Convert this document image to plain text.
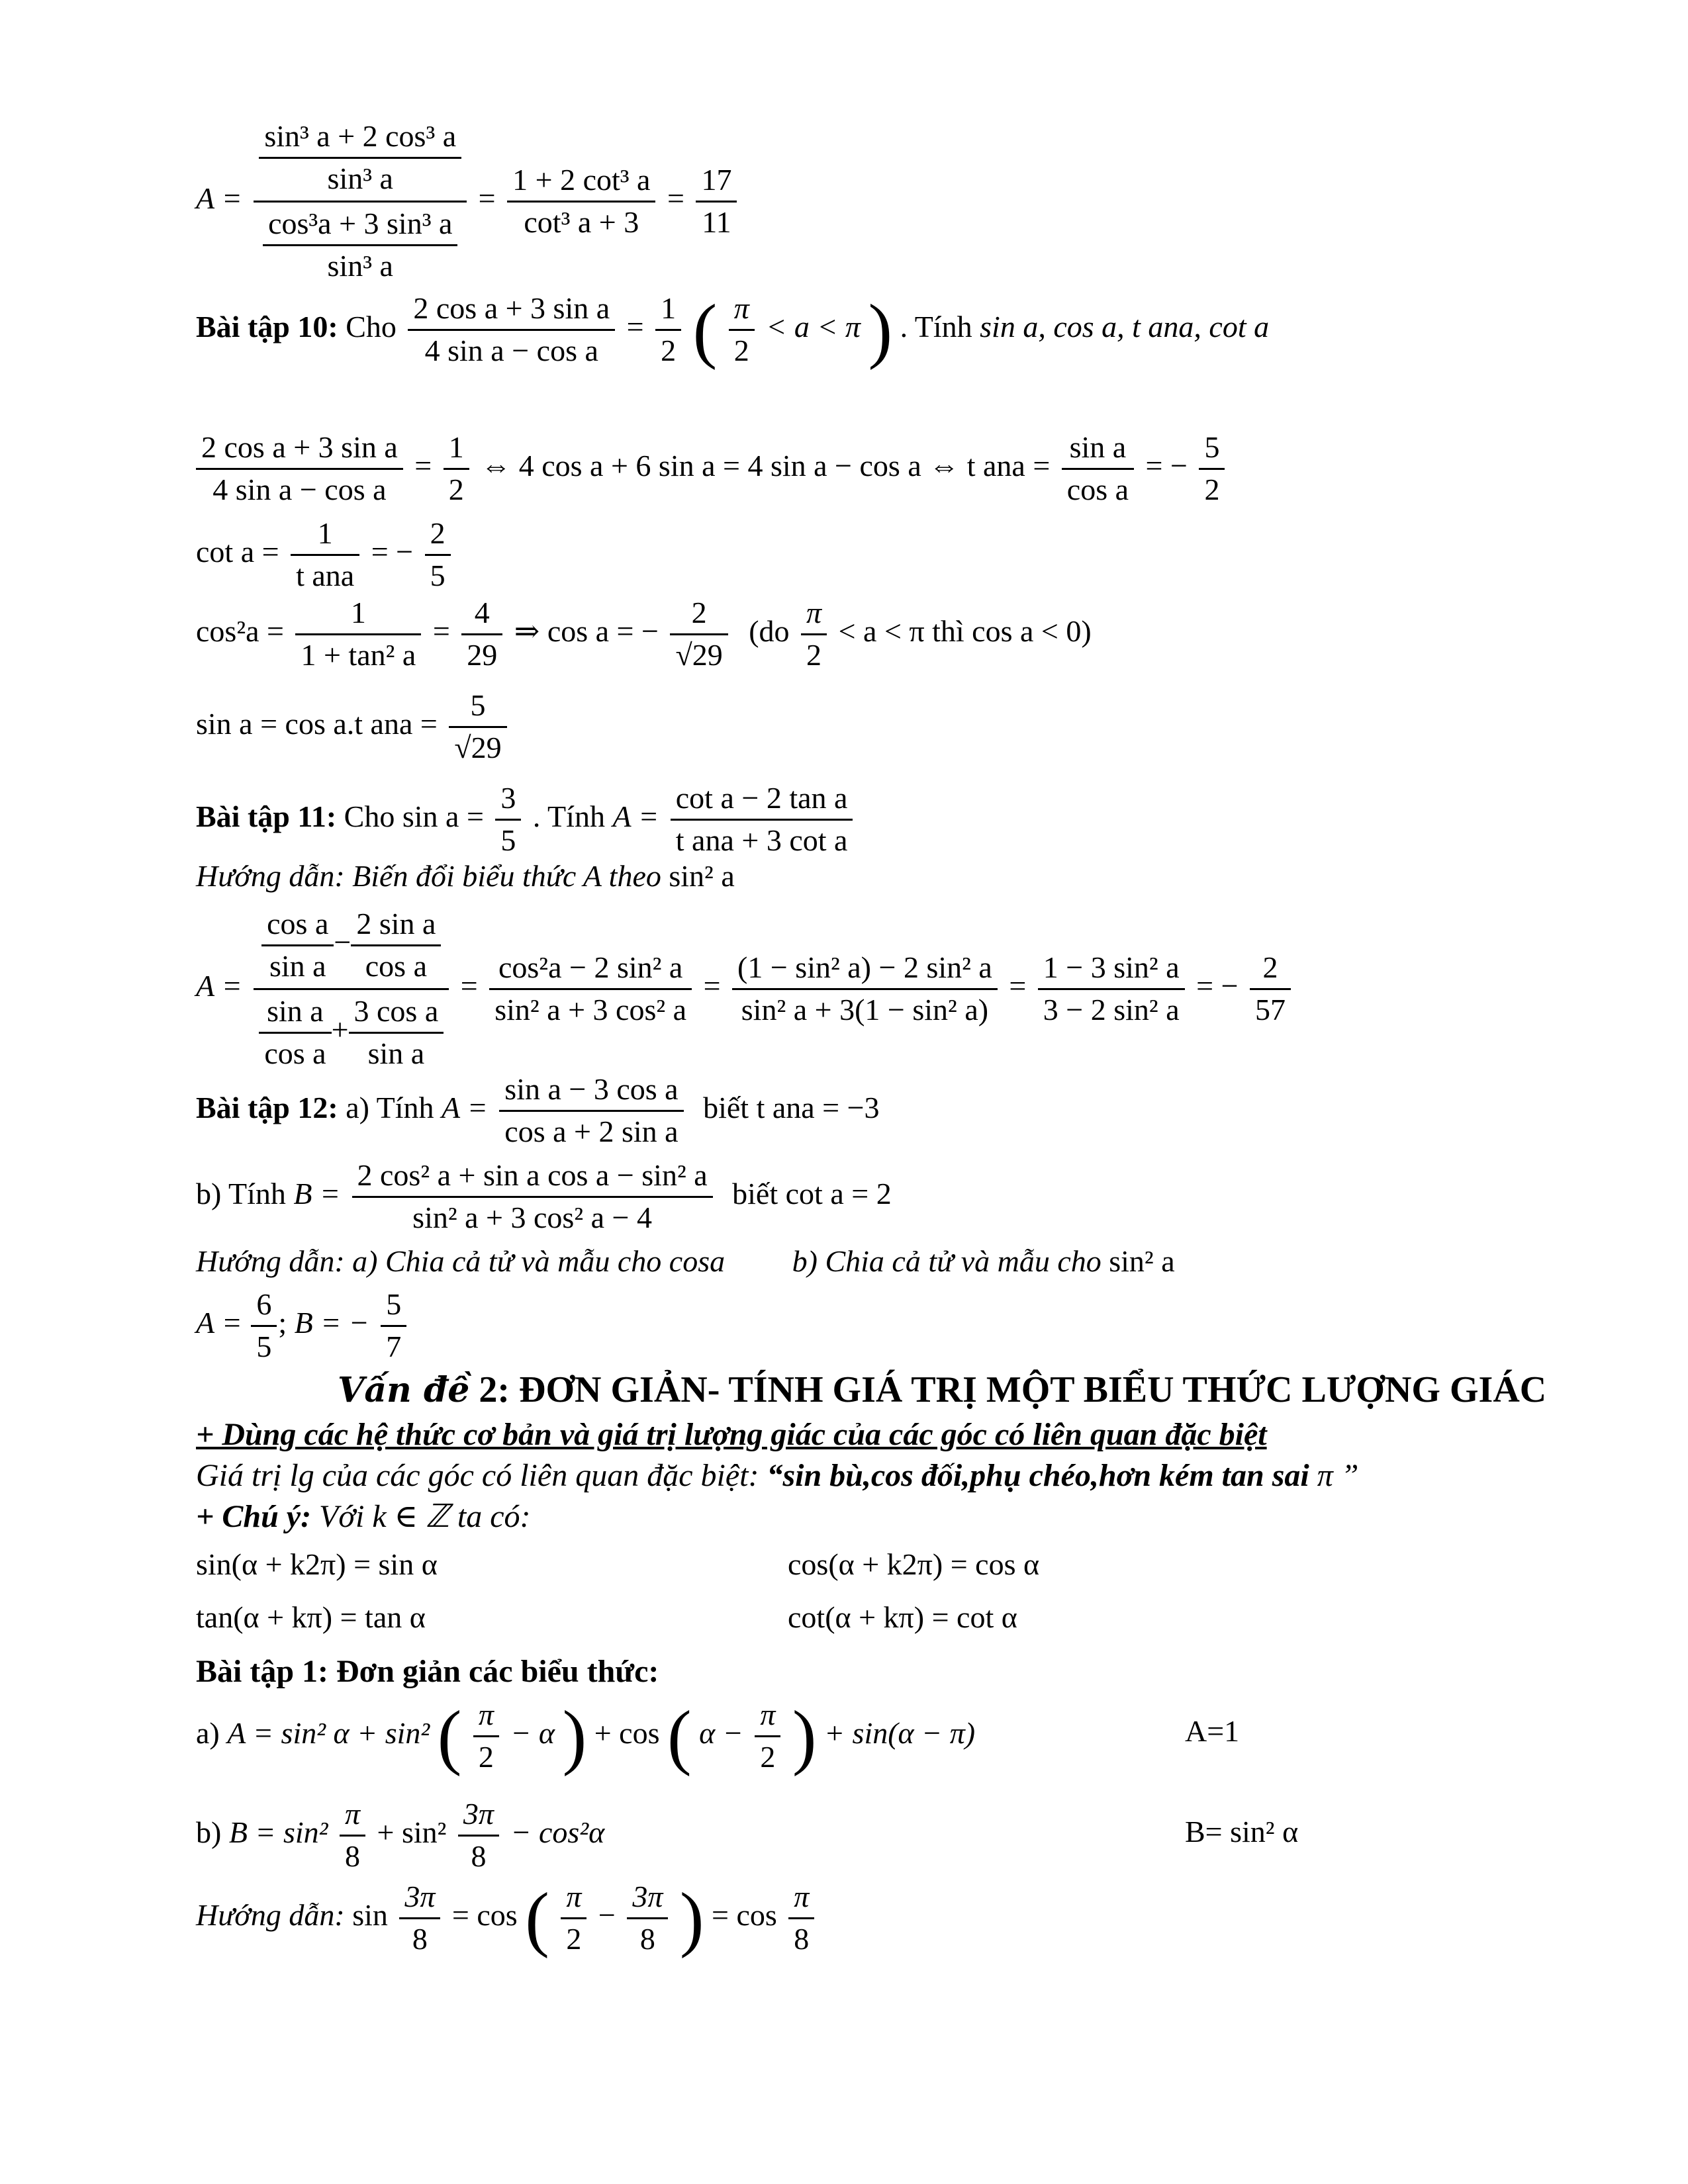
$A = \frac{\frac{\text{sin³ a + 2 cos³ a}}{\text{sin³ a}}}{\frac{\text{cos³a + 3 sin³ a}}{\text{sin³ a}}} = \frac{\text{1 + 2 cot³ a}}{\text{cot³ a + 3}} = \frac{17}{11}$
Bài tập 10: Cho $\frac{\text{2 cos a + 3 sin a}}{\text{4 sin a − cos a}} = \frac{1}{2}$ ( $\frac{\pi}{2} < a < \pi$ ) . Tính sin a, cos a, t ana, cot a
$\frac{\text{2 cos a + 3 sin a}}{\text{4 sin a − cos a}} = \frac{1}{2}$ ⇔ 4 cos a + 6 sin a = 4 sin a − cos a ⇔ t ana = $\frac{\text{sin a}}{\text{cos a}}$ = − $\frac{5}{2}$
$\cot a = \frac{1}{\text{t ana}}$ = − $\frac{2}{5}$
$\cos^2a = \frac{1}{\text{1 + tan² a}} = \frac{4}{29}$ ⇒ cos a = − $\frac{2}{√29} (do \frac{\pi}{2} < a < \pi$ thì cos a < 0)
sin a = cos a.t ana = $\frac{5}{√29}$
Bài tập 11: Cho $\sin a = \frac{3}{5}$ . Tính $A = \frac{\text{cot a − 2 tan a}}{\text{t ana + 3 cot a}}$
Hướng dẫn: Biến đổi biểu thức A theo sin² a
A =
$\frac{\text{cos a}}{\text{sin a}} - \frac{\text{2 sin a}}{\text{cos a}}$
$\frac{\text{sin a}}{\text{cos a}} + \frac{\text{3 cos a}}{\text{sin a}}$
= $\frac{\text{cos²a − 2 sin² a}}{\text{sin² a + 3 cos² a}} = \frac{\text{(1 − sin² a) − 2 sin² a}}{\text{sin² a + 3(1 − sin² a)}} = \frac{\text{1 − 3 sin² a}}{\text{3 − 2 sin² a}}$ = − $\frac{2}{57}$
Bài tập 12: a) Tính $A = \frac{\text{sin a − 3 cos a}}{\text{cos a + 2 sin a}}$ biết t ana = −3
b) Tính $B = \frac{\text{2 cos² a + sin a cos a − sin² a}}{\text{sin² a + 3 cos² a − 4}}$ biết cot a = 2
Hướng dẫn: a) Chia cả tử và mẫu cho cosa b) Chia cả tử và mẫu cho sin² a
$A = \frac{6}{5}$ ; B = − $\frac{5}{7}$
Vấn đề 2: ĐƠN GIẢN- TÍNH GIÁ TRỊ MỘT BIỂU THỨC LƯỢNG GIÁC
+ Dùng các hệ thức cơ bản và giá trị lượng giác của các góc có liên quan đặc biệt
Giá trị lg của các góc có liên quan đặc biệt: “sin bù,cos đối,phụ chéo,hơn kém tan sai π ”
+ Chú ý: Với k ∈ ℤ ta có:
sin(α + k2π) = sin α	cos(α + k2π) = cos α
tan(α + kπ) = tan α	cot(α + kπ) = cot α
Bài tập 1: Đơn giản các biểu thức:
a) A = sin² α + sin² ( $\frac{\pi}{2} - \alpha$ ) + cos ( $\alpha - \frac{\pi}{2}$ ) + sin(α − π)	A=1
b) $B = \sin^2 \frac{\pi}{8} + \sin^2 \frac{3\pi}{8} - \cos^2\alpha$	B= sin² α
Hướng dẫn: $\sin \frac{3\pi}{8} = \cos$ ( $\frac{\pi}{2} - \frac{3\pi}{8}$ ) = $\cos \frac{\pi}{8}$
